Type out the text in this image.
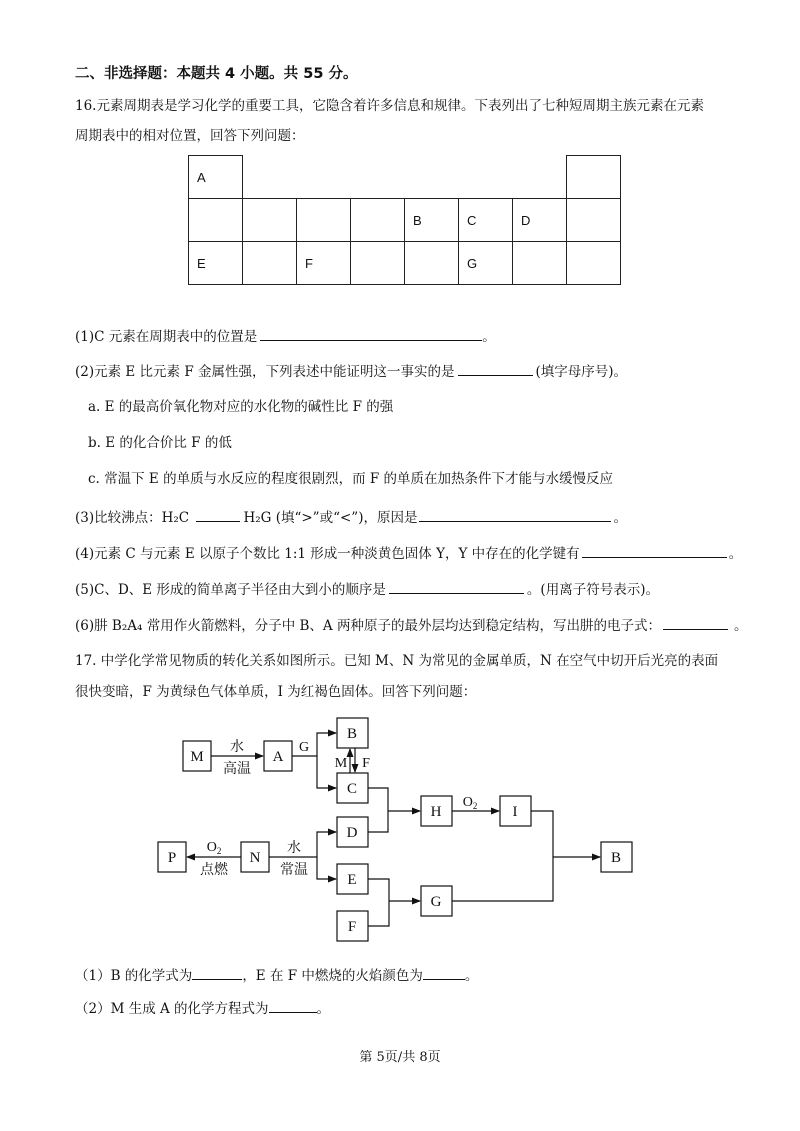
二、非选择题：本题共 4 小题。共 55 分。
16.元素周期表是学习化学的重要工具，它隐含着许多信息和规律。下表列出了七种短周期主族元素在元素
周期表中的相对位置，回答下列问题：
A							
				B	C	D	
E		F			G		
(1)C 元素在周期表中的位置是	。
(2)元素 E 比元素 F 金属性强，下列表述中能证明这一事实的是	(填字母序号)。
a. E 的最高价氧化物对应的水化物的碱性比 F 的强
b. E 的化合价比 F 的低
c. 常温下 E 的单质与水反应的程度很剧烈，而 F 的单质在加热条件下才能与水缓慢反应
(3)比较沸点：H₂C	H₂G (填“>”或“<”)，原因是	。
(4)元素 C 与元素 E 以原子个数比 1:1 形成一种淡黄色固体 Y，Y 中存在的化学键有	。
(5)C、D、E 形成的简单离子半径由大到小的顺序是	。(用离子符号表示)。
(6)肼 B₂A₄ 常用作火箭燃料，分子中 B、A 两种原子的最外层均达到稳定结构，写出肼的电子式：	。
17. 中学化学常见物质的转化关系如图所示。已知 M、N 为常见的金属单质，N 在空气中切开后光亮的表面
很快变暗，F 为黄绿色气体单质，I 为红褐色固体。回答下列问题：
M	A
B
C
D
E
F
H	I
G
B
N
P
水
高温
G
M F
$O_2$
$O_2$
点燃
水
常温
（1）B 的化学式为	，E 在 F 中燃烧的火焰颜色为	。
（2）M 生成 A 的化学方程式为	。
第 5页/共 8页
